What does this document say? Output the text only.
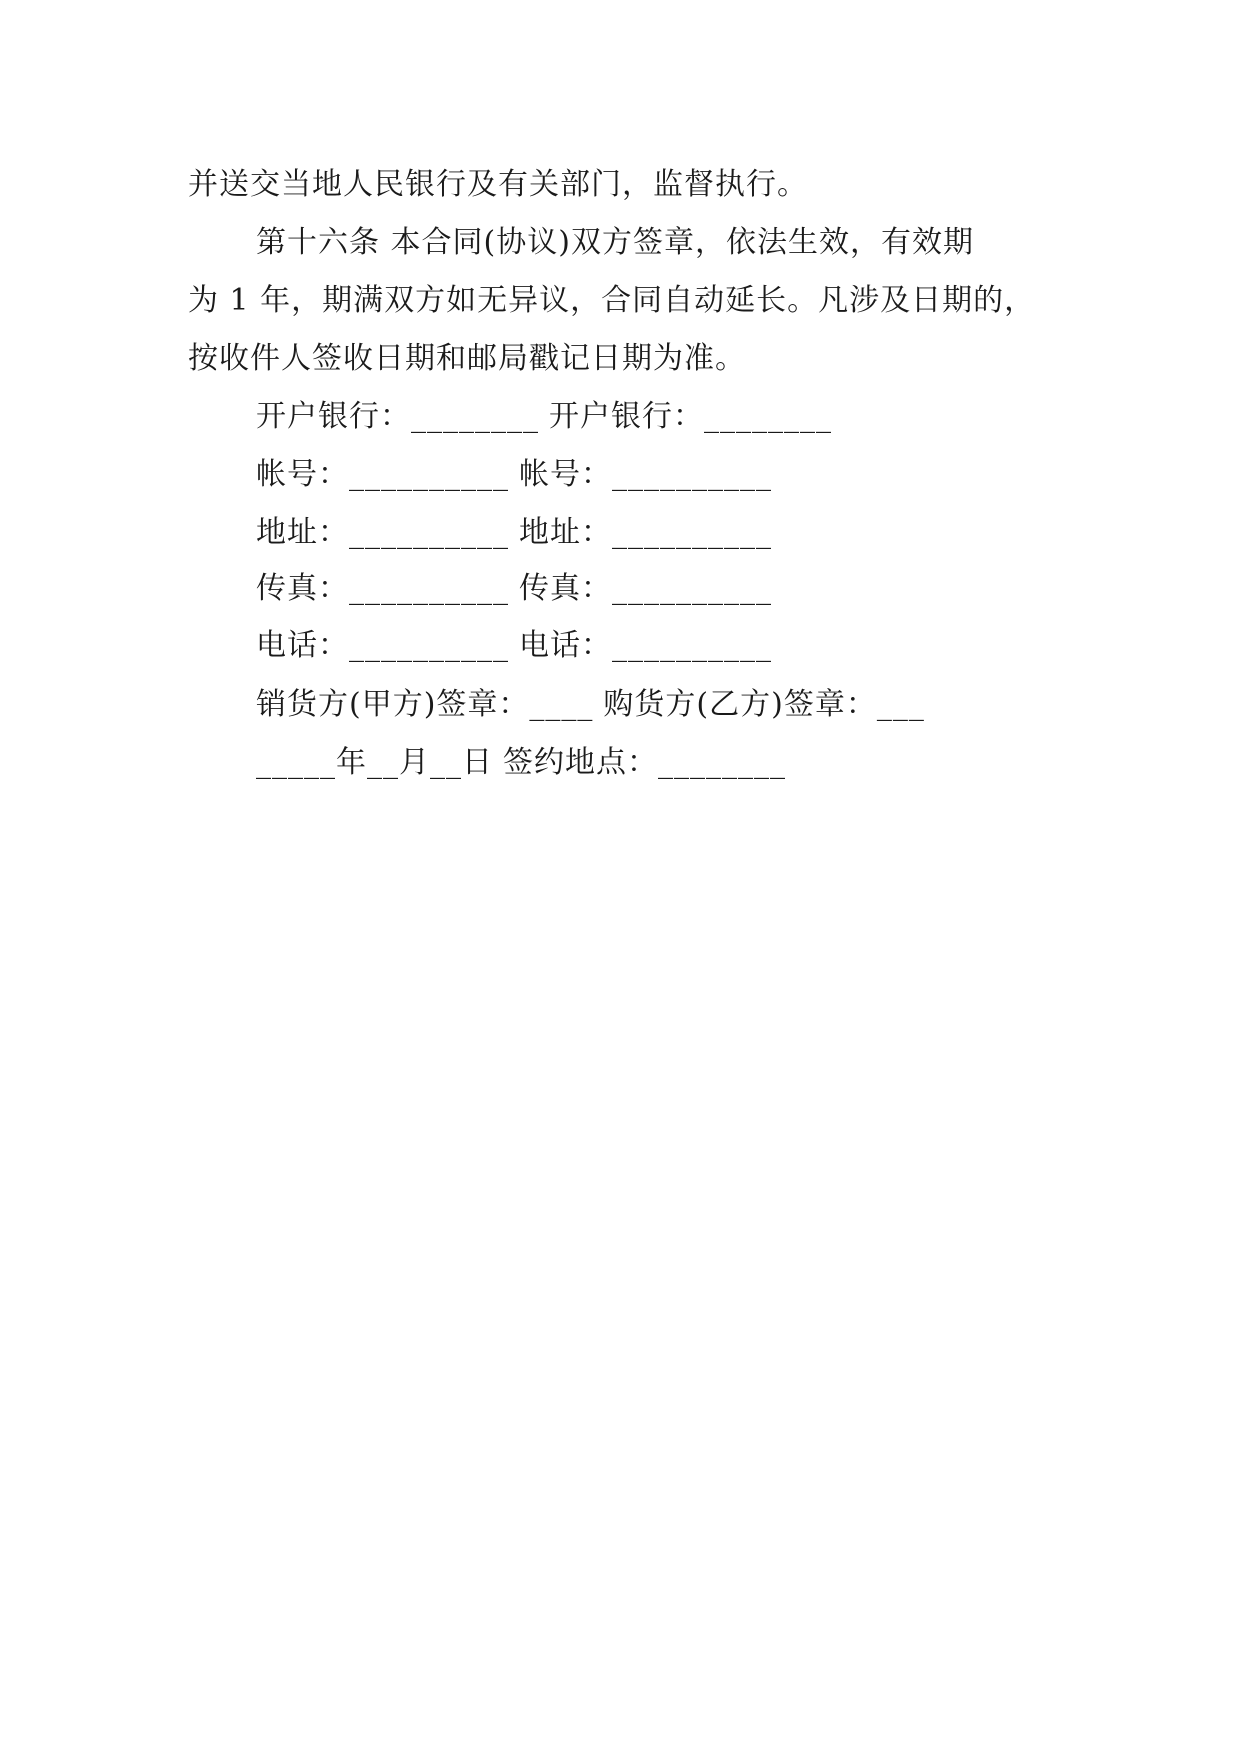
并送交当地人民银行及有关部门，监督执行。
第十六条 本合同(协议)双方签章，依法生效，有效期
为 1 年，期满双方如无异议，合同自动延长。凡涉及日期的，
按收件人签收日期和邮局戳记日期为准。
开户银行：________ 开户银行：________
帐号：__________ 帐号：__________
地址：__________ 地址：__________
传真：__________ 传真：__________
电话：__________ 电话：__________
销货方(甲方)签章：____ 购货方(乙方)签章：___
_____年__月__日 签约地点：________
